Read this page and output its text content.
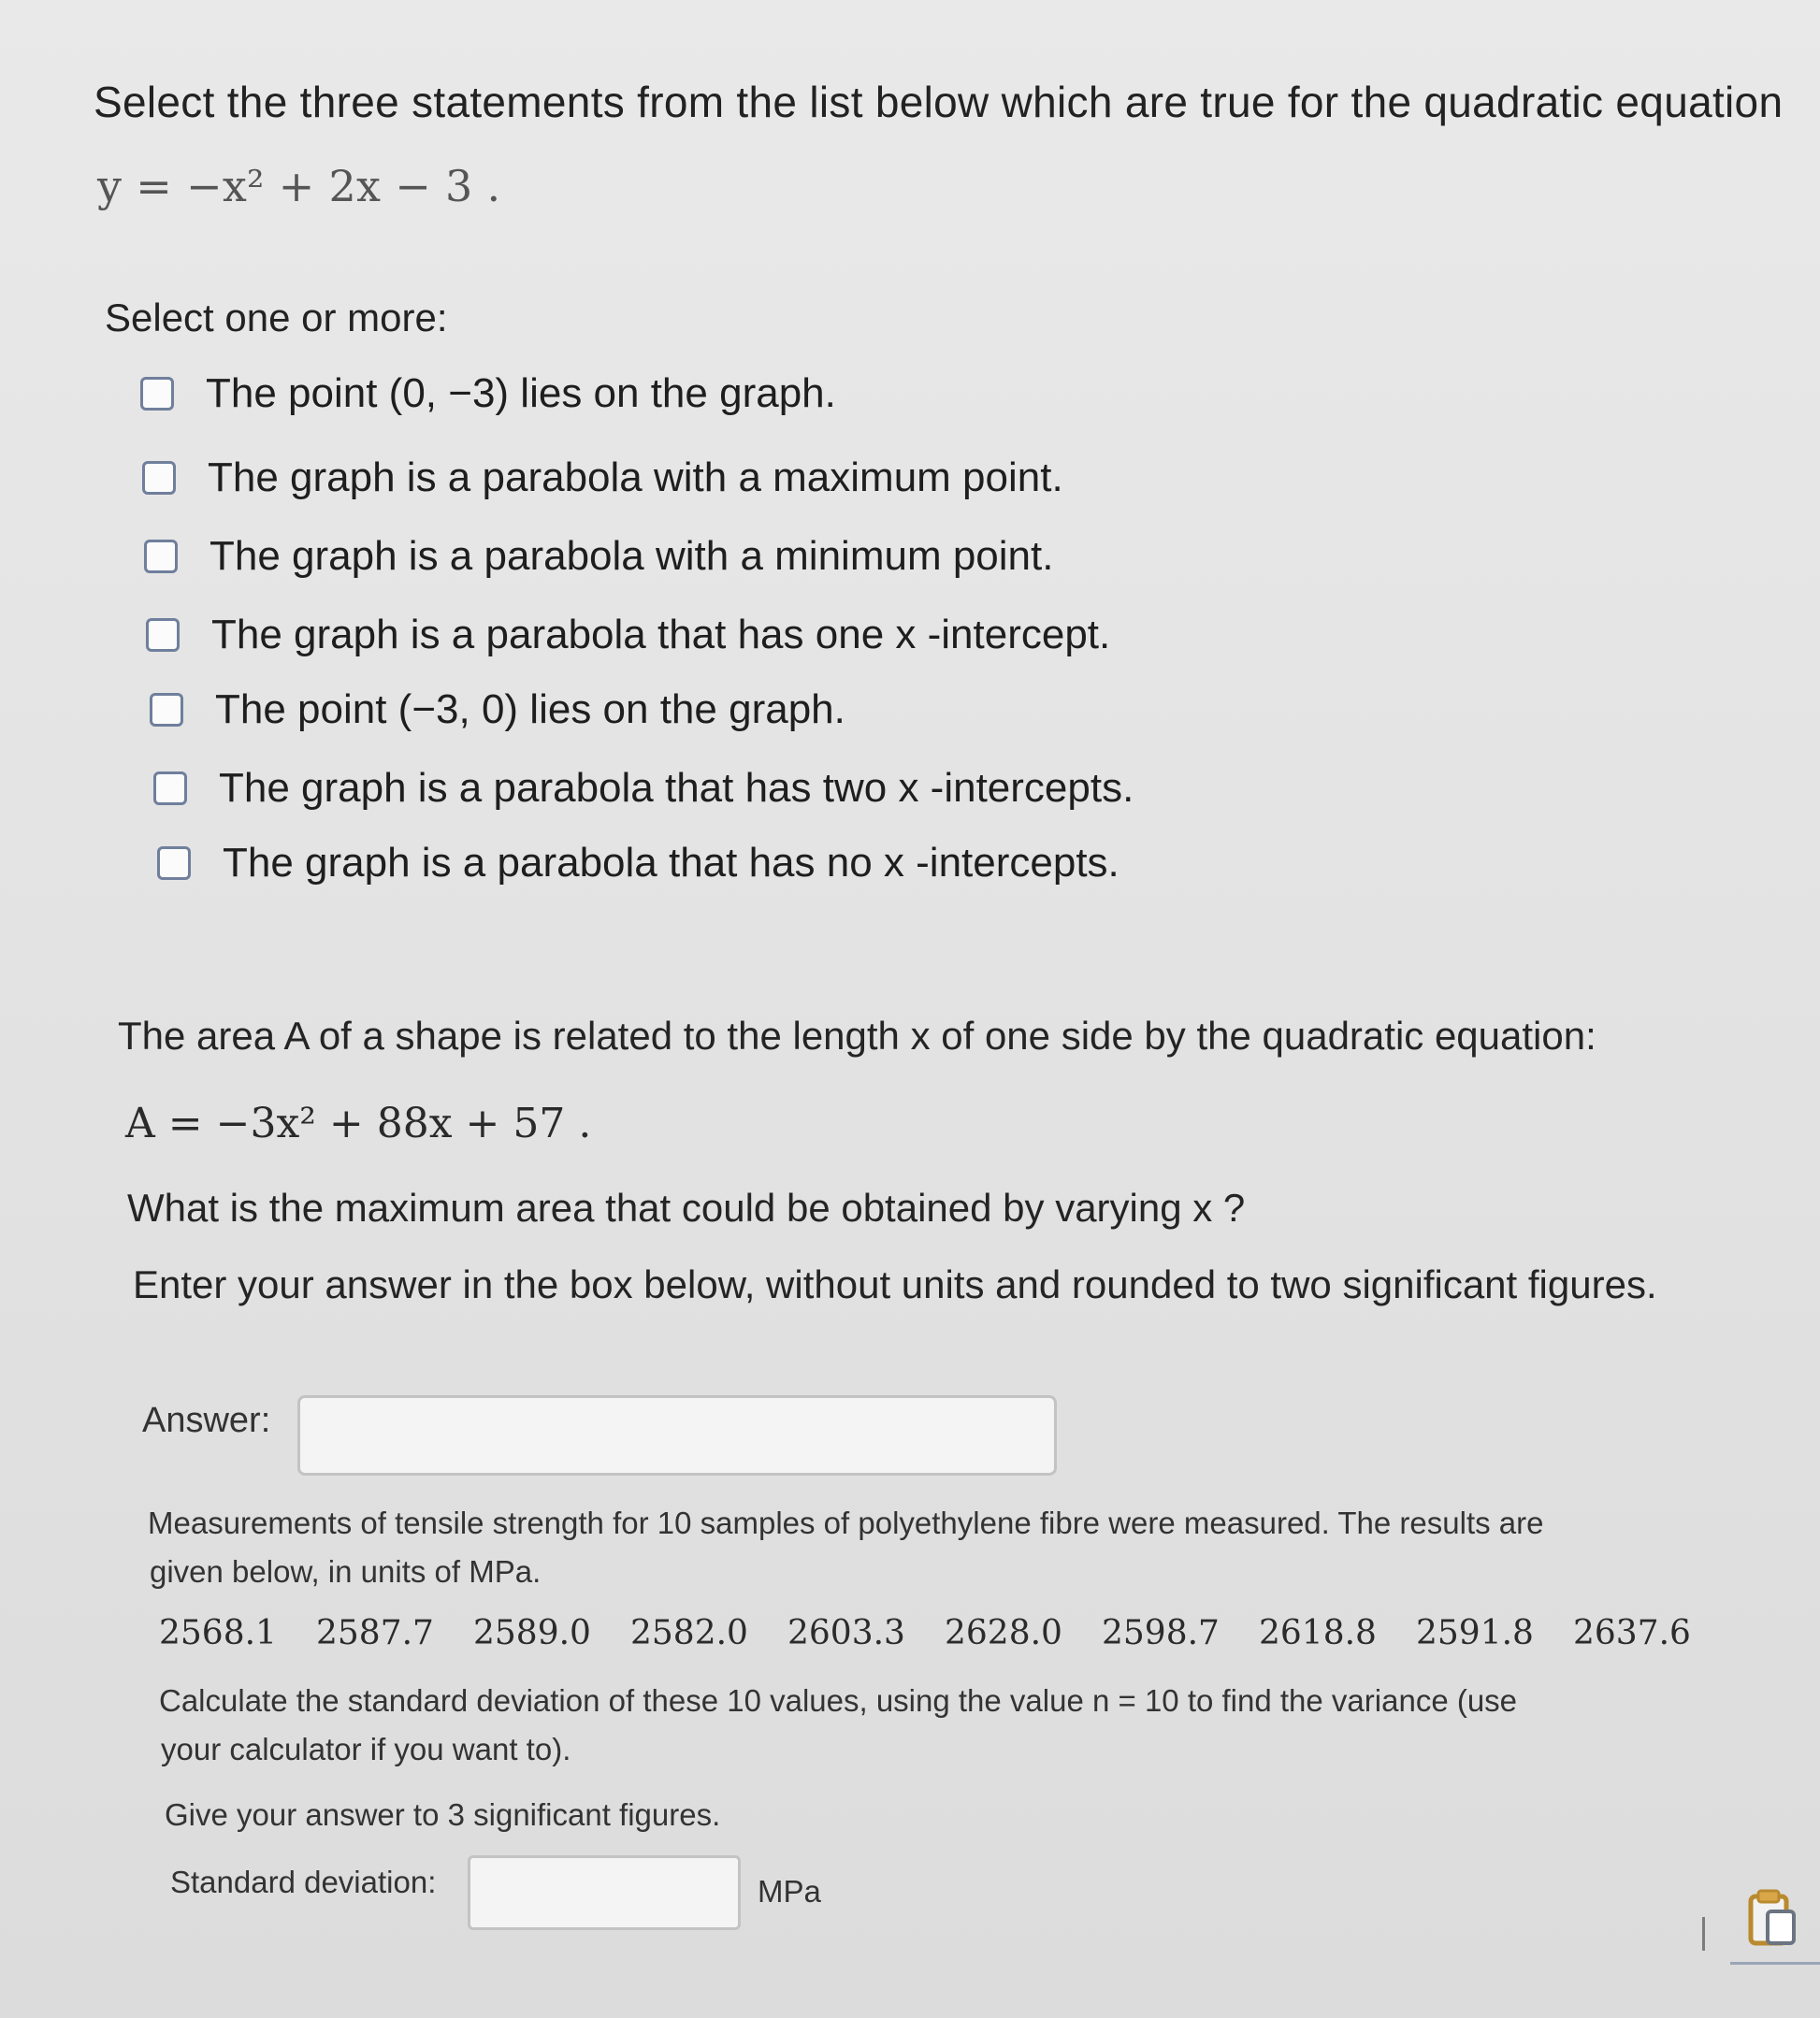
Select the three statements from the list below which are true for the quadratic equation
y = −x² + 2x − 3 .
Select one or more:
The point (0, −3) lies on the graph.
The graph is a parabola with a maximum point.
The graph is a parabola with a minimum point.
The graph is a parabola that has one x -intercept.
The point (−3, 0) lies on the graph.
The graph is a parabola that has two x -intercepts.
The graph is a parabola that has no x -intercepts.
The area A of a shape is related to the length x of one side by the quadratic equation:
A = −3x² + 88x + 57 .
What is the maximum area that could be obtained by varying x ?
Enter your answer in the box below, without units and rounded to two significant figures.
Answer:
Measurements of tensile strength for 10 samples of polyethylene fibre were measured. The results are
given below, in units of MPa.
2568.1	2587.7	2589.0	2582.0	2603.3	2628.0	2598.7	2618.8	2591.8	2637.6
Calculate the standard deviation of these 10 values, using the value n = 10 to find the variance (use
your calculator if you want to).
Give your answer to 3 significant figures.
Standard deviation:	MPa
